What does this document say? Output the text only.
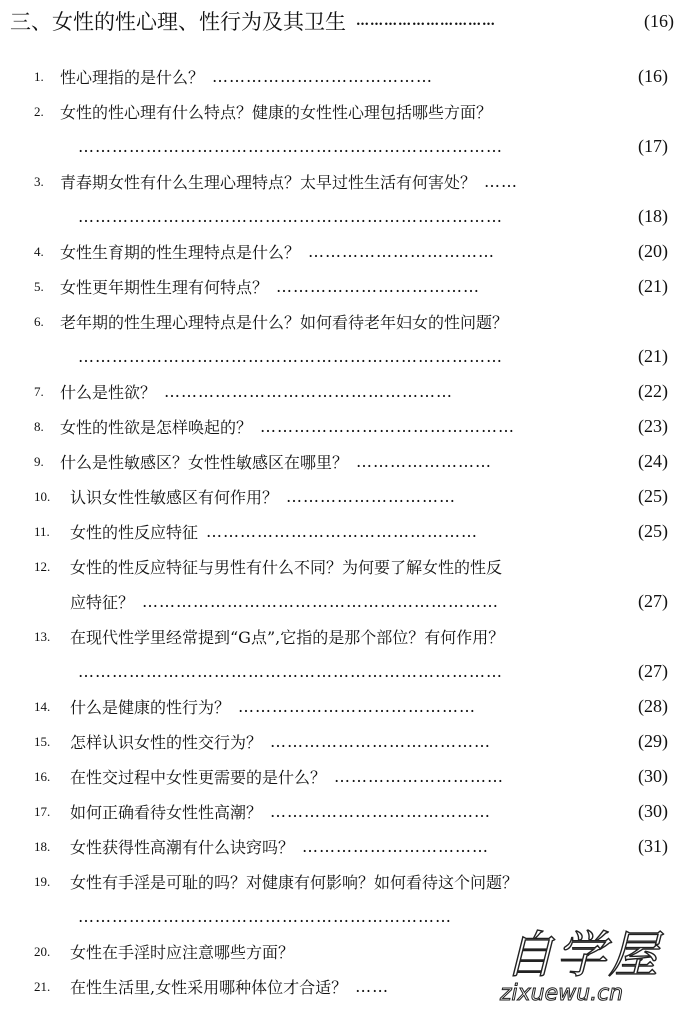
三、女性的性心理、性行为及其卫生 …………………………	(16)
1.	性心理指的是什么？ …………………………………	(16)
2.	女性的性心理有什么特点？健康的女性性心理包括哪些方面？
…………………………………………………………………	(17)
3.	青春期女性有什么生理心理特点？太早过性生活有何害处？ ……
…………………………………………………………………	(18)
4.	女性生育期的性生理特点是什么？ ……………………………	(20)
5.	女性更年期性生理有何特点？ ………………………………	(21)
6.	老年期的性生理心理特点是什么？如何看待老年妇女的性问题？
…………………………………………………………………	(21)
7.	什么是性欲？ ……………………………………………	(22)
8.	女性的性欲是怎样唤起的？ ………………………………………	(23)
9.	什么是性敏感区？女性性敏感区在哪里？ ……………………	(24)
10.	认识女性性敏感区有何作用？ …………………………	(25)
11.	女性的性反应特征 …………………………………………	(25)
12.	女性的性反应特征与男性有什么不同？为何要了解女性的性反
应特征？ ………………………………………………………	(27)
13.	在现代性学里经常提到“G点”,它指的是那个部位？有何作用？
…………………………………………………………………	(27)
14.	什么是健康的性行为？ ……………………………………	(28)
15.	怎样认识女性的性交行为？ …………………………………	(29)
16.	在性交过程中女性更需要的是什么？ …………………………	(30)
17.	如何正确看待女性性高潮？ …………………………………	(30)
18.	女性获得性高潮有什么诀窍吗？ ……………………………	(31)
19.	女性有手淫是可耻的吗？对健康有何影响？如何看待这个问题？
…………………………………………………………
20.	女性在手淫时应注意哪些方面？
21.	在性生活里,女性采用哪种体位才合适？ ……
自学屋
zixuewu.cn
